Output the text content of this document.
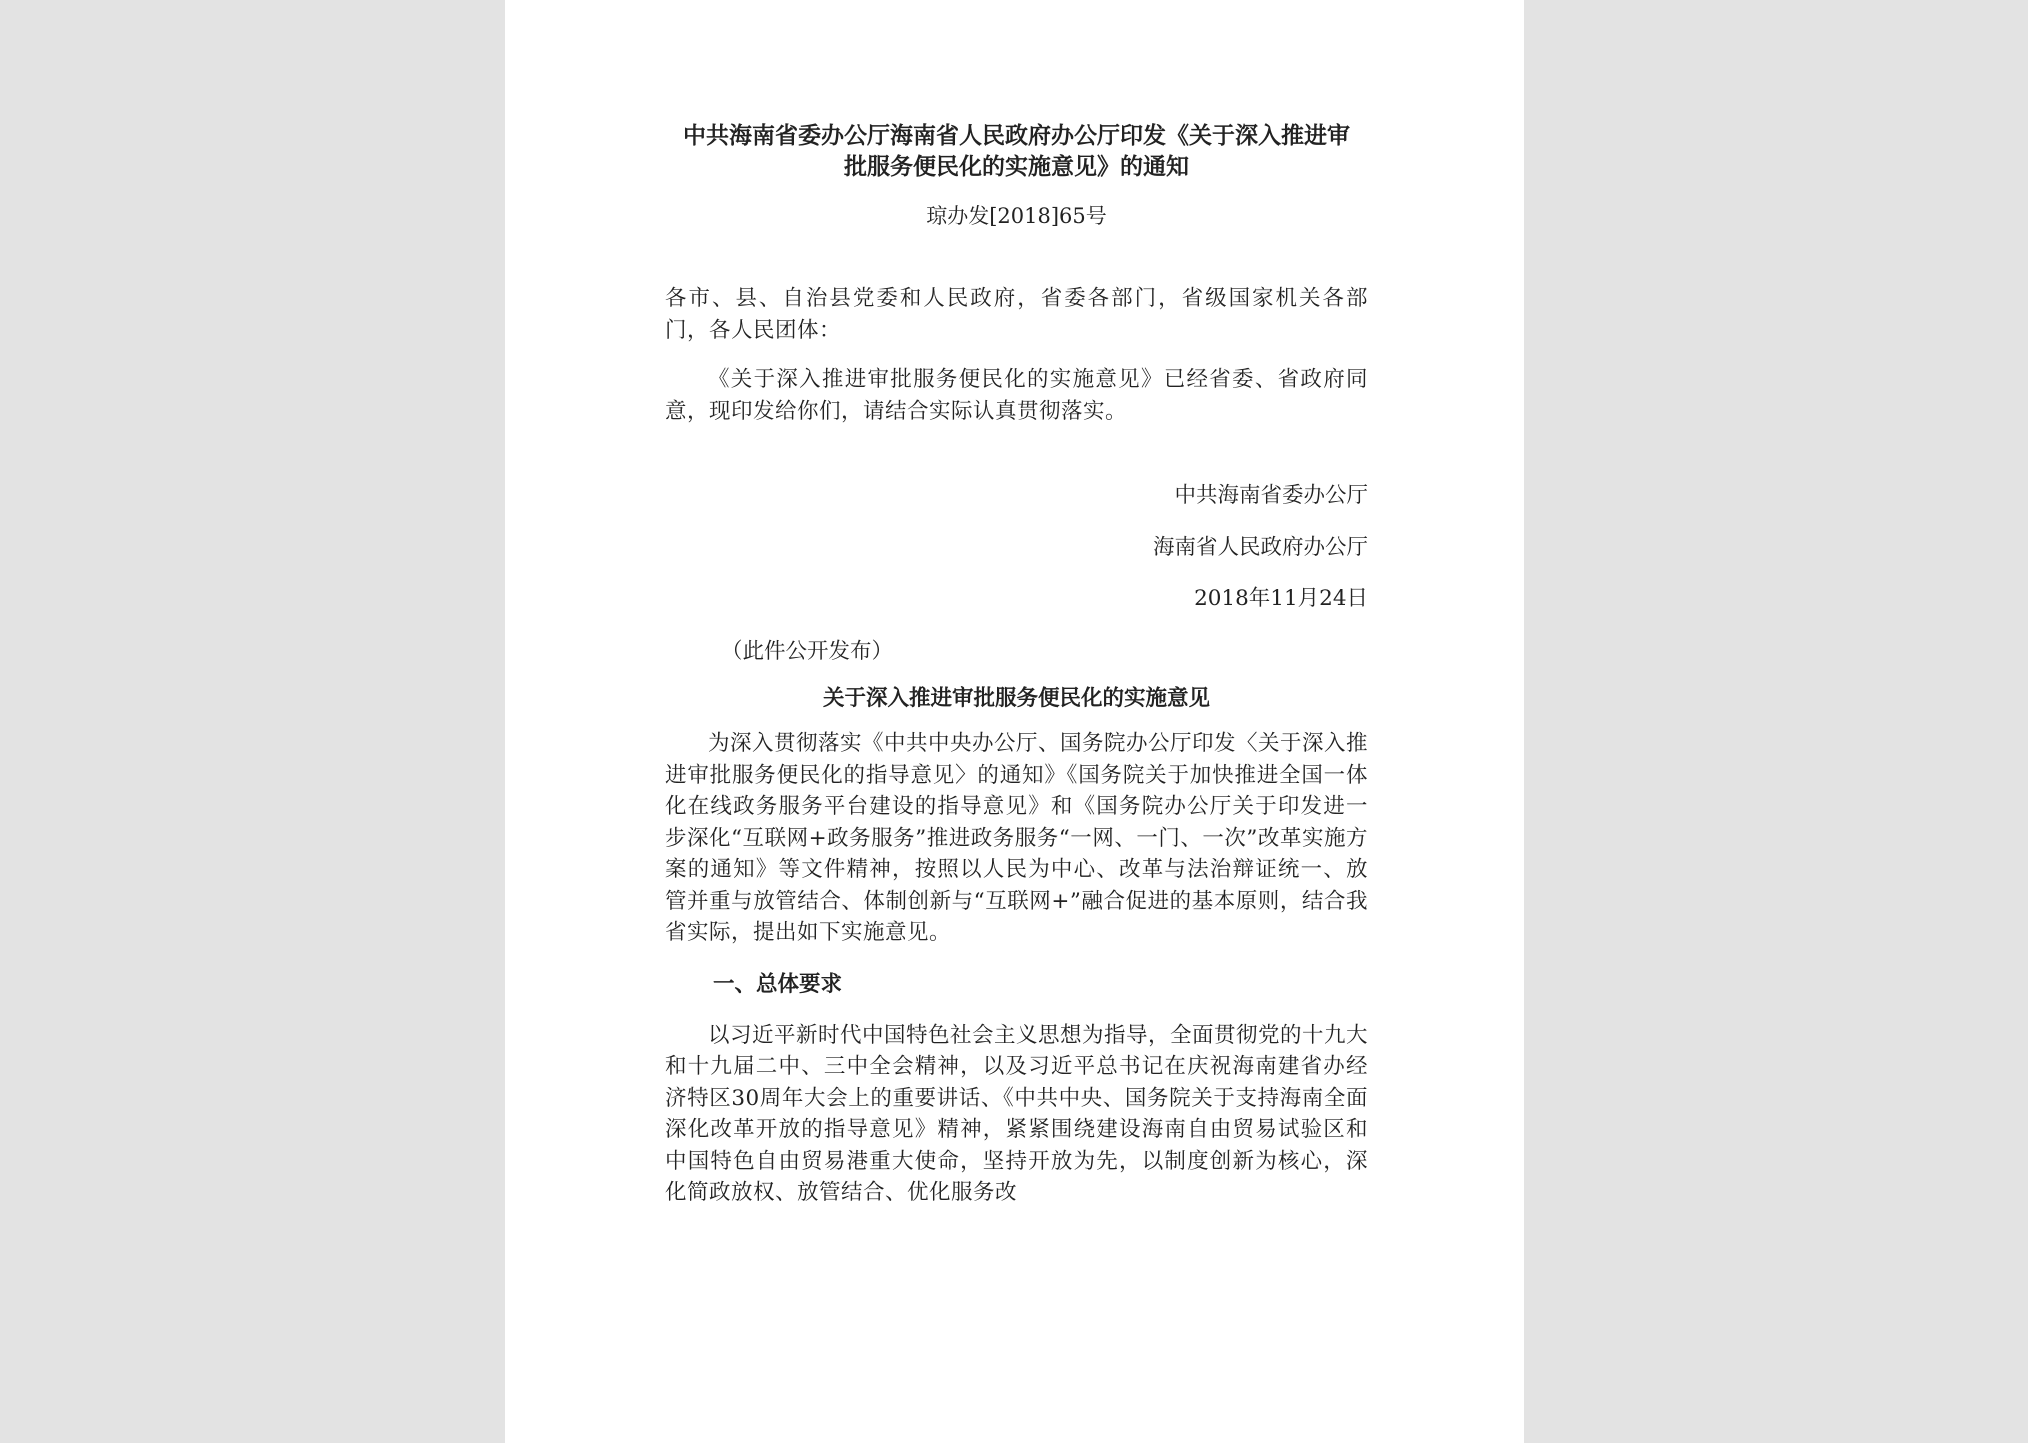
中共海南省委办公厅海南省人民政府办公厅印发《关于深入推进审
批服务便民化的实施意见》的通知

琼办发[2018]65号

各市、县、自治县党委和人民政府，省委各部门，省级国家机关各部门，各人民团体：

《关于深入推进审批服务便民化的实施意见》已经省委、省政府同意，现印发给你们，请结合实际认真贯彻落实。

中共海南省委办公厅
海南省人民政府办公厅
2018年11月24日
（此件公开发布）
关于深入推进审批服务便民化的实施意见

为深入贯彻落实《中共中央办公厅、国务院办公厅印发〈关于深入推进审批服务便民化的指导意见〉的通知》《国务院关于加快推进全国一体化在线政务服务平台建设的指导意见》和《国务院办公厅关于印发进一步深化“互联网+政务服务”推进政务服务“一网、一门、一次”改革实施方案的通知》等文件精神，按照以人民为中心、改革与法治辩证统一、放管并重与放管结合、体制创新与“互联网+”融合促进的基本原则，结合我省实际，提出如下实施意见。

一、总体要求

以习近平新时代中国特色社会主义思想为指导，全面贯彻党的十九大和十九届二中、三中全会精神，以及习近平总书记在庆祝海南建省办经济特区30周年大会上的重要讲话、《中共中央、国务院关于支持海南全面深化改革开放的指导意见》精神，紧紧围绕建设海南自由贸易试验区和中国特色自由贸易港重大使命，坚持开放为先，以制度创新为核心，深化简政放权、放管结合、优化服务改
